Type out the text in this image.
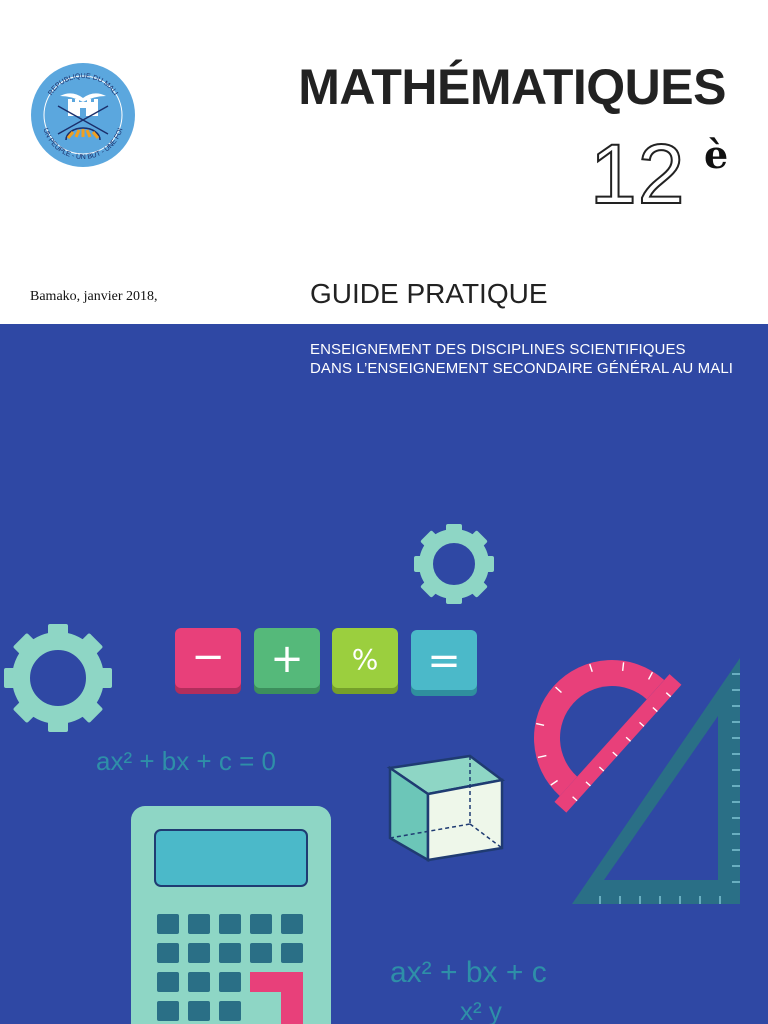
REPUBLIQUE DU MALI
UN PEUPLE - UN BUT - UNE FOI
MATHÉMATIQUES
12 è
Bamako, janvier 2018,	GUIDE PRATIQUE
ENSEIGNEMENT DES DISCIPLINES SCIENTIFIQUES
DANS L’ENSEIGNEMENT SECONDAIRE GÉNÉRAL AU MALI
− + % =
ax² + bx + c = 0
ax² + bx + c
x² y
